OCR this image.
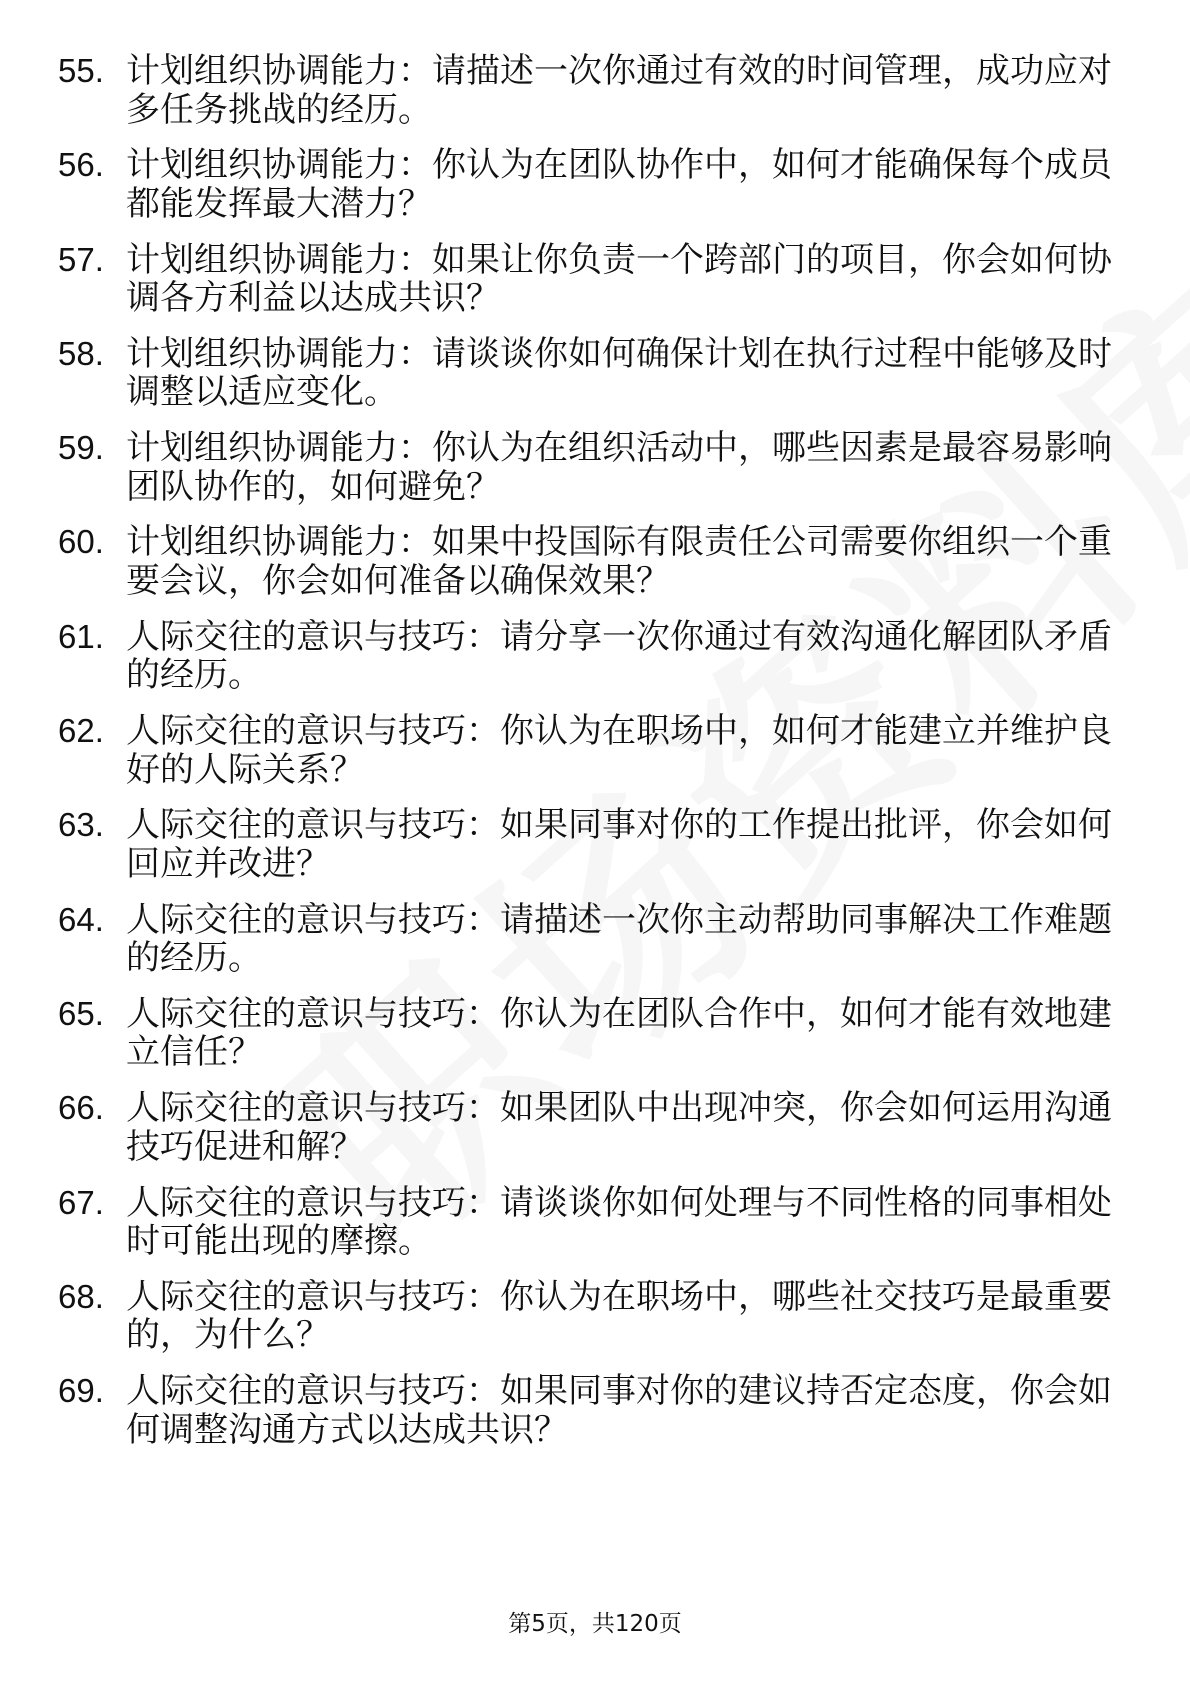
55. 计划组织协调能力：请描述一次你通过有效的时间管理，成功应对多任务挑战的经历。
56. 计划组织协调能力：你认为在团队协作中，如何才能确保每个成员都能发挥最大潜力？
57. 计划组织协调能力：如果让你负责一个跨部门的项目，你会如何协调各方利益以达成共识？
58. 计划组织协调能力：请谈谈你如何确保计划在执行过程中能够及时调整以适应变化。
59. 计划组织协调能力：你认为在组织活动中，哪些因素是最容易影响团队协作的，如何避免？
60. 计划组织协调能力：如果中投国际有限责任公司需要你组织一个重要会议，你会如何准备以确保效果？
61. 人际交往的意识与技巧：请分享一次你通过有效沟通化解团队矛盾的经历。
62. 人际交往的意识与技巧：你认为在职场中，如何才能建立并维护良好的人际关系？
63. 人际交往的意识与技巧：如果同事对你的工作提出批评，你会如何回应并改进？
64. 人际交往的意识与技巧：请描述一次你主动帮助同事解决工作难题的经历。
65. 人际交往的意识与技巧：你认为在团队合作中，如何才能有效地建立信任？
66. 人际交往的意识与技巧：如果团队中出现冲突，你会如何运用沟通技巧促进和解？
67. 人际交往的意识与技巧：请谈谈你如何处理与不同性格的同事相处时可能出现的摩擦。
68. 人际交往的意识与技巧：你认为在职场中，哪些社交技巧是最重要的，为什么？
69. 人际交往的意识与技巧：如果同事对你的建议持否定态度，你会如何调整沟通方式以达成共识？
第5页，共120页
